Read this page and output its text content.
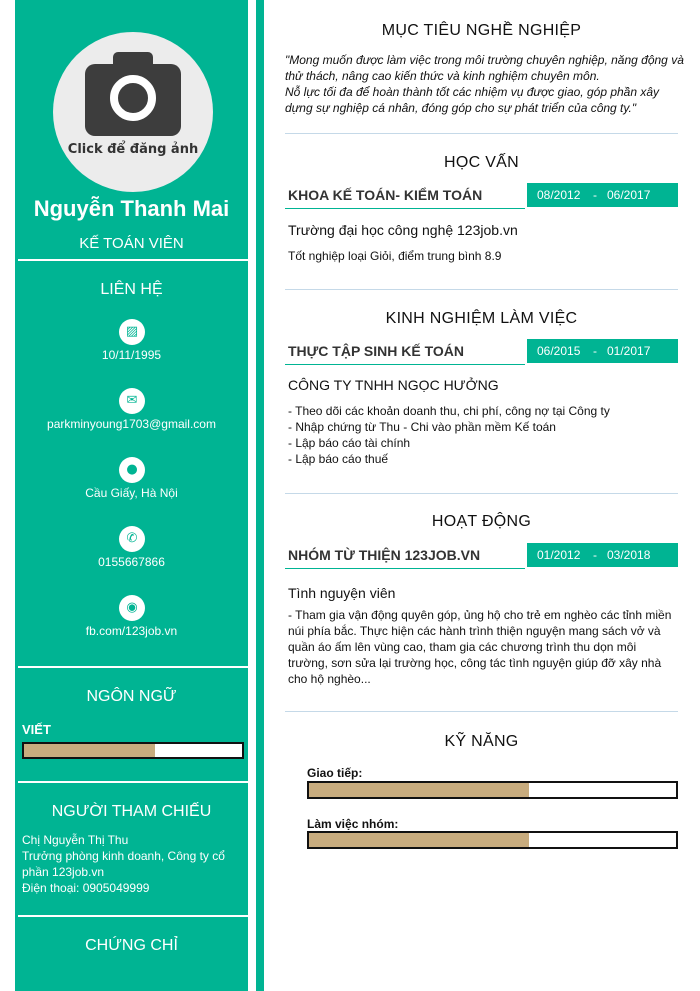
Click để đăng ảnh
Nguyễn Thanh Mai
KẾ TOÁN VIÊN
LIÊN HỆ
▨
10/11/1995
✉
parkminyoung1703@gmail.com
●
Cầu Giấy, Hà Nội
✆
0155667866
◉
fb.com/123job.vn
NGÔN NGỮ
VIẾT
NGƯỜI THAM CHIẾU
Chị Nguyễn Thị Thu
Trưởng phòng kinh doanh, Công ty cổ phần 123job.vn
Điện thoại: 0905049999
CHỨNG CHỈ
MỤC TIÊU NGHỀ NGHIỆP
"Mong muốn được làm việc trong môi trường chuyên nghiệp, năng động và thử thách, nâng cao kiến thức và kinh nghiệm chuyên môn.
Nỗ lực tối đa để hoàn thành tốt các nhiệm vụ được giao, góp phần xây dựng sự nghiệp cá nhân, đóng góp cho sự phát triển của công ty."
HỌC VẤN
KHOA KẾ TOÁN- KIỂM TOÁN	08/2012 - 06/2017
Trường đại học công nghệ 123job.vn
Tốt nghiệp loại Giỏi, điểm trung bình 8.9
KINH NGHIỆM LÀM VIỆC
THỰC TẬP SINH KẾ TOÁN	06/2015 - 01/2017
CÔNG TY TNHH NGỌC HƯỞNG
- Theo dõi các khoản doanh thu, chi phí, công nợ tại Công ty
- Nhập chứng từ Thu - Chi vào phần mềm Kế toán
- Lập báo cáo tài chính
- Lập báo cáo thuế
HOẠT ĐỘNG
NHÓM TỪ THIỆN 123JOB.VN	01/2012 - 03/2018
Tình nguyện viên
- Tham gia vận động quyên góp, ủng hộ cho trẻ em nghèo các tỉnh miền núi phía bắc. Thực hiện các hành trình thiện nguyện mang sách vở và quần áo ấm lên vùng cao, tham gia các chương trình thu dọn môi trường, sơn sửa lại trường học, công tác tình nguyện giúp đỡ xây nhà cho hộ nghèo...
KỸ NĂNG
Giao tiếp:
Làm việc nhóm:
